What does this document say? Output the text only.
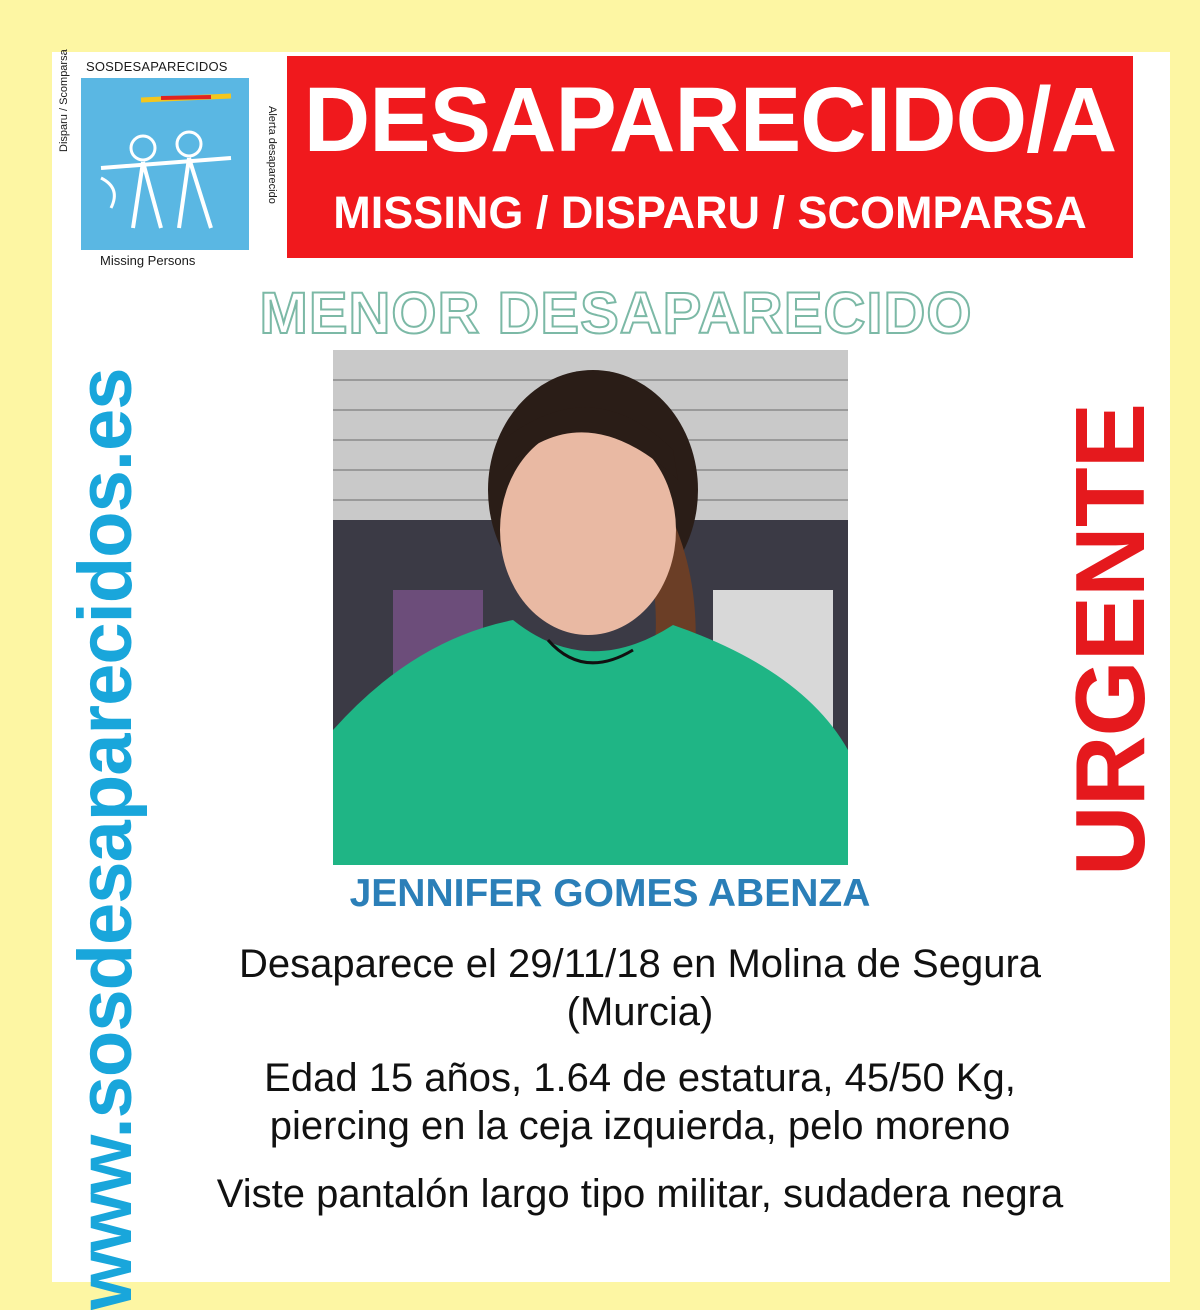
SOSDESAPARECIDOS
Disparu / Scomparsa
Alerta desaparecido
Missing Persons
DESAPARECIDO/A
MISSING / DISPARU / SCOMPARSA
MENOR DESAPARECIDO
www.sosdesaparecidos.es	URGENTE
JENNIFER GOMES ABENZA
Desaparece el 29/11/18 en Molina de Segura
(Murcia)
Edad 15 años, 1.64 de estatura, 45/50 Kg,
piercing en la ceja izquierda, pelo moreno
Viste pantalón largo tipo militar, sudadera negra
